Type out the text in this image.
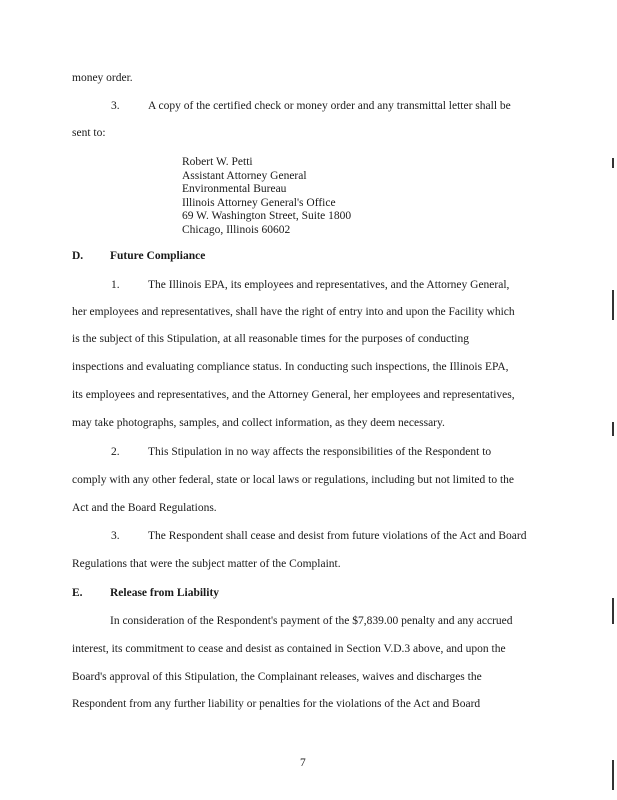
money order.
3. A copy of the certified check or money order and any transmittal letter shall be
sent to:
Robert W. Petti
Assistant Attorney General
Environmental Bureau
Illinois Attorney General's Office
69 W. Washington Street, Suite 1800
Chicago, Illinois 60602
D. Future Compliance
1. The Illinois EPA, its employees and representatives, and the Attorney General,
her employees and representatives, shall have the right of entry into and upon the Facility which
is the subject of this Stipulation, at all reasonable times for the purposes of conducting
inspections and evaluating compliance status. In conducting such inspections, the Illinois EPA,
its employees and representatives, and the Attorney General, her employees and representatives,
may take photographs, samples, and collect information, as they deem necessary.
2. This Stipulation in no way affects the responsibilities of the Respondent to
comply with any other federal, state or local laws or regulations, including but not limited to the
Act and the Board Regulations.
3. The Respondent shall cease and desist from future violations of the Act and Board
Regulations that were the subject matter of the Complaint.
E. Release from Liability
In consideration of the Respondent's payment of the $7,839.00 penalty and any accrued
interest, its commitment to cease and desist as contained in Section V.D.3 above, and upon the
Board's approval of this Stipulation, the Complainant releases, waives and discharges the
Respondent from any further liability or penalties for the violations of the Act and Board
7
